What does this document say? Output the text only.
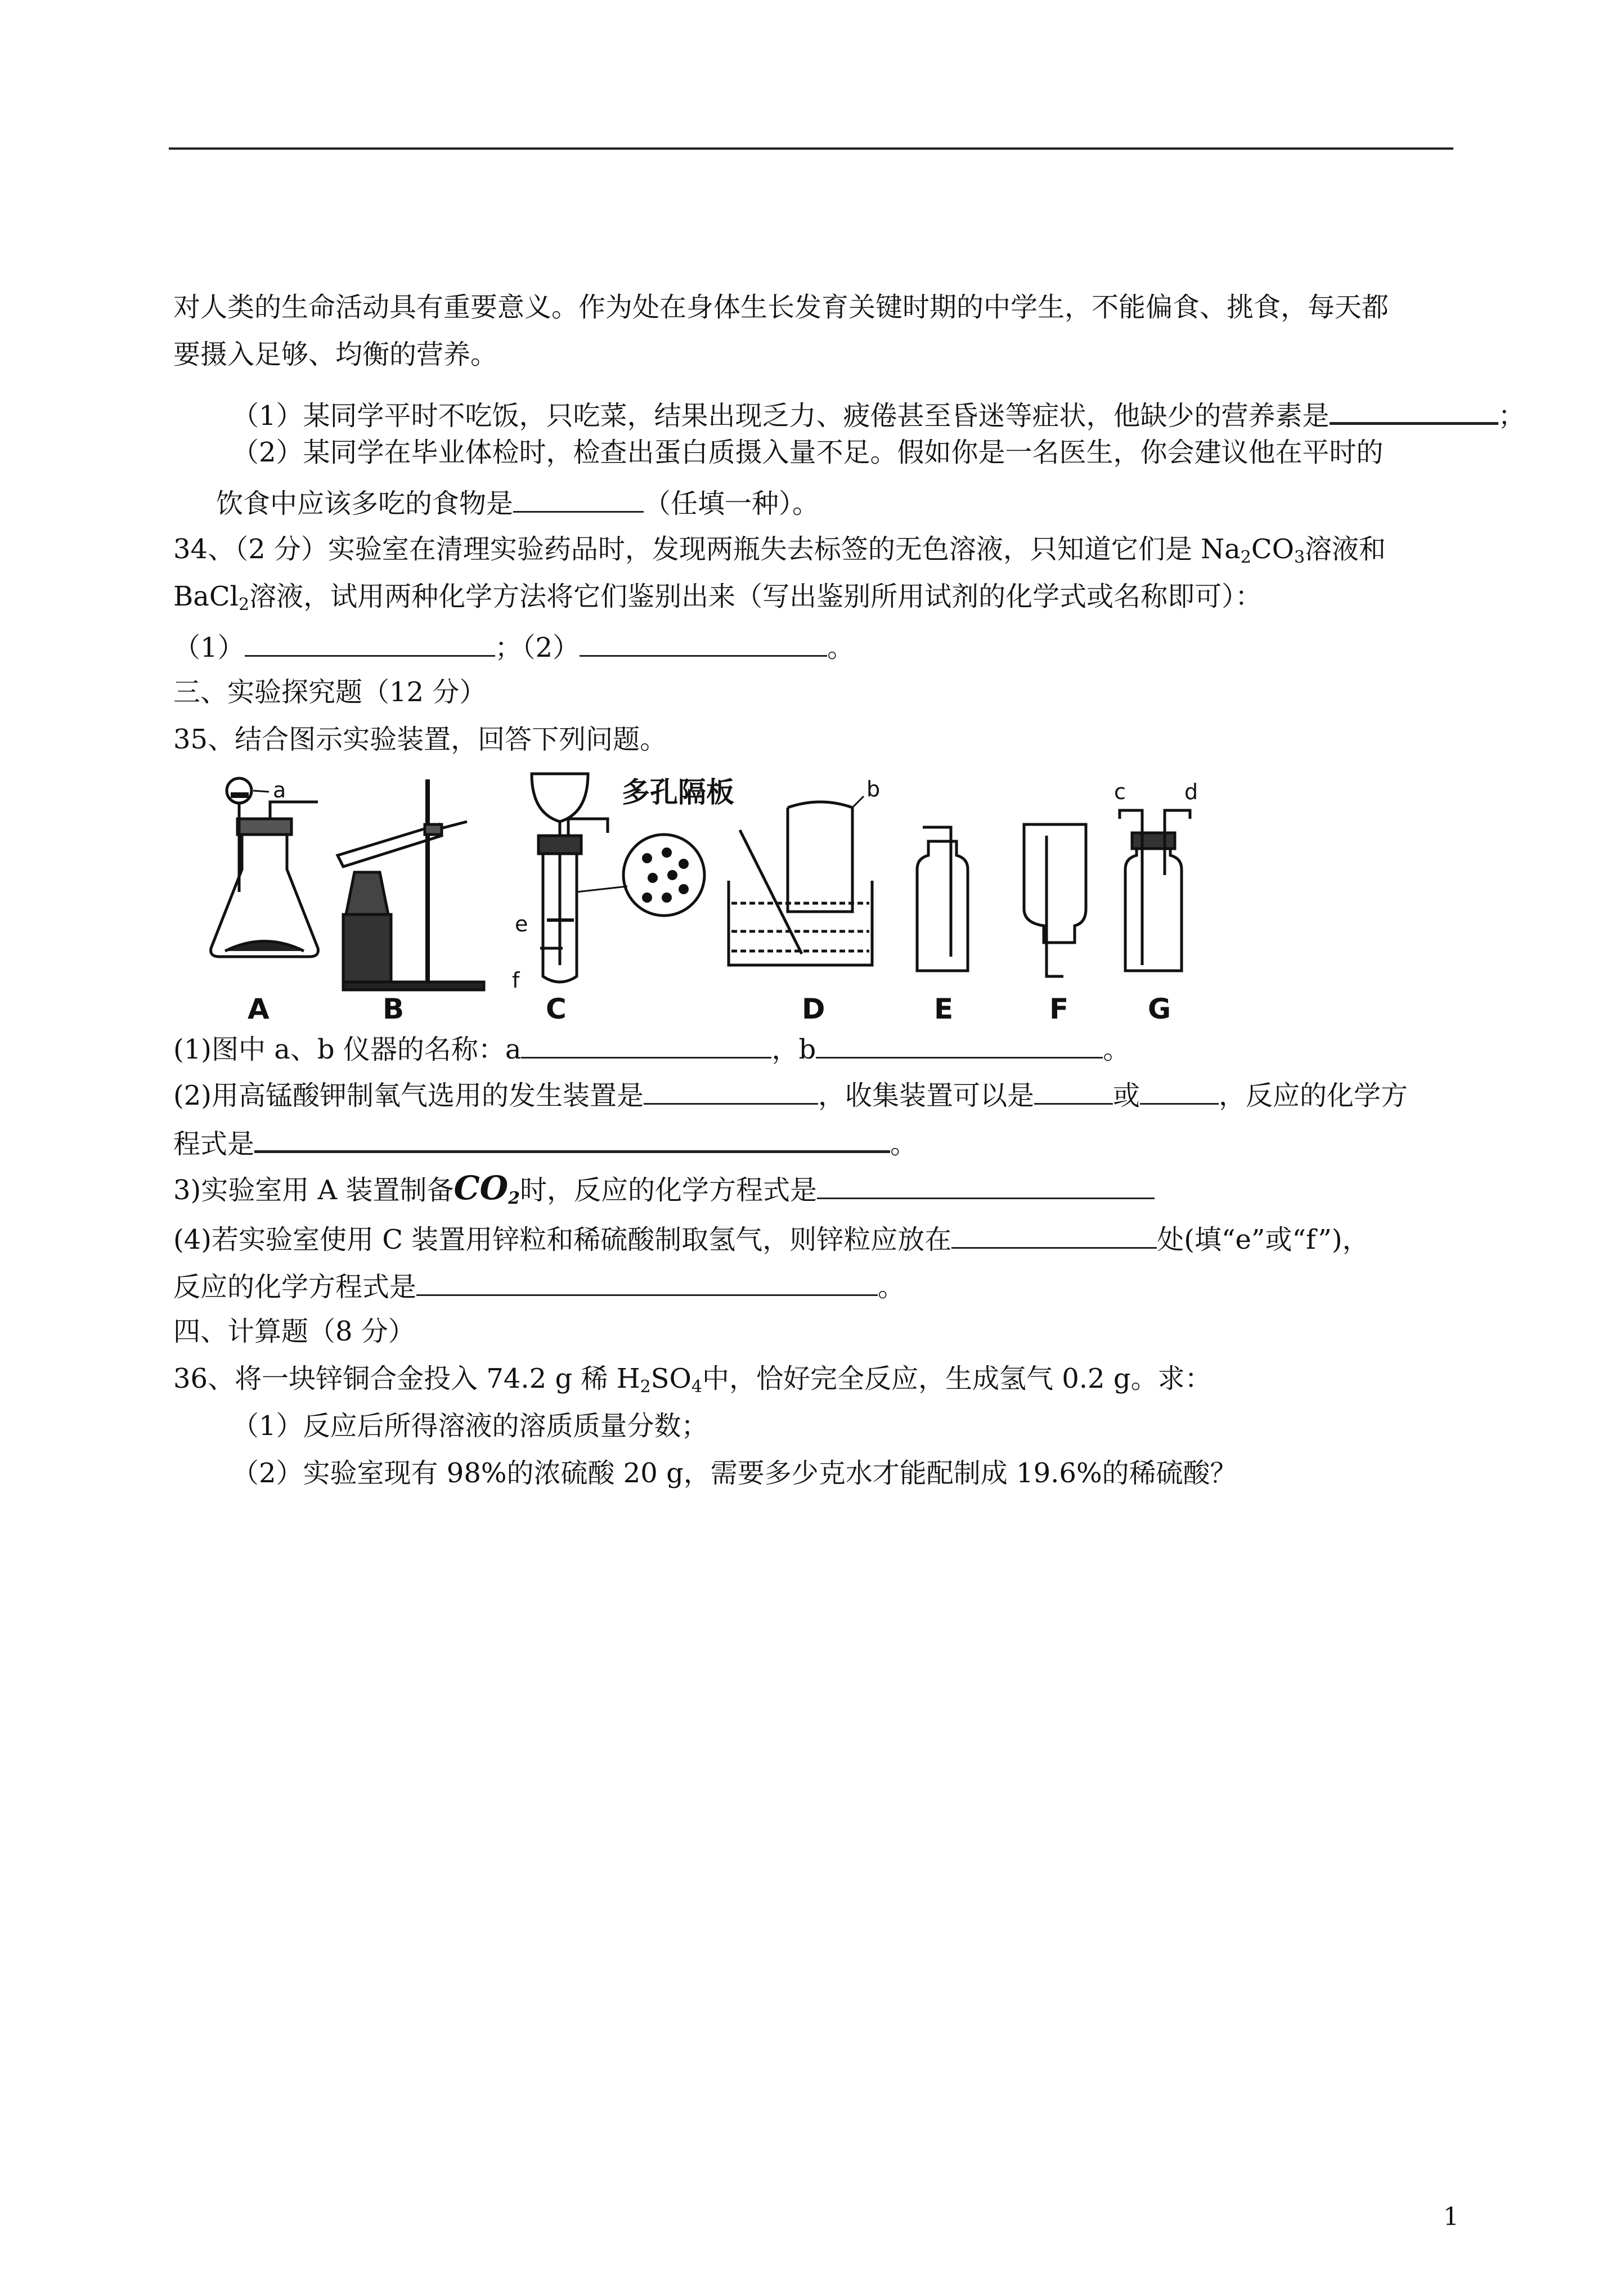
对人类的生命活动具有重要意义。作为处在身体生长发育关键时期的中学生，不能偏食、挑食，每天都
要摄入足够、均衡的营养。
（1）某同学平时不吃饭，只吃菜，结果出现乏力、疲倦甚至昏迷等症状，他缺少的营养素是	；
（2）某同学在毕业体检时，检查出蛋白质摄入量不足。假如你是一名医生，你会建议他在平时的
饮食中应该多吃的食物是	（任填一种）。
34、（2 分）实验室在清理实验药品时，发现两瓶失去标签的无色溶液，只知道它们是 $Na_2CO_3$溶液和
BaCl$_2$溶液，试用两种化学方法将它们鉴别出来（写出鉴别所用试剂的化学式或名称即可）：
（1）	；（2）	。
三、实验探究题（12 分）
35、结合图示实验装置，回答下列问题。
a
e
f
多孔隔板	b	c	d
A	B	C	D	E	F	G
(1)图中 a、b 仪器的名称：a	，b	。
(2)用高锰酸钾制氧气选用的发生装置是	，收集装置可以是	或	，反应的化学方
程式是	。
3)实验室用 A 装置制备$CO_2$时，反应的化学方程式是
(4)若实验室使用 C 装置用锌粒和稀硫酸制取氢气，则锌粒应放在	处(填“e”或“f”)，
反应的化学方程式是	。
四、计算题（8 分）
36、将一块锌铜合金投入 74.2 g 稀 $H_2SO_4$中，恰好完全反应，生成氢气 0.2 g。求：
（1）反应后所得溶液的溶质质量分数；
（2）实验室现有 98%的浓硫酸 20 g，需要多少克水才能配制成 19.6%的稀硫酸？
1
